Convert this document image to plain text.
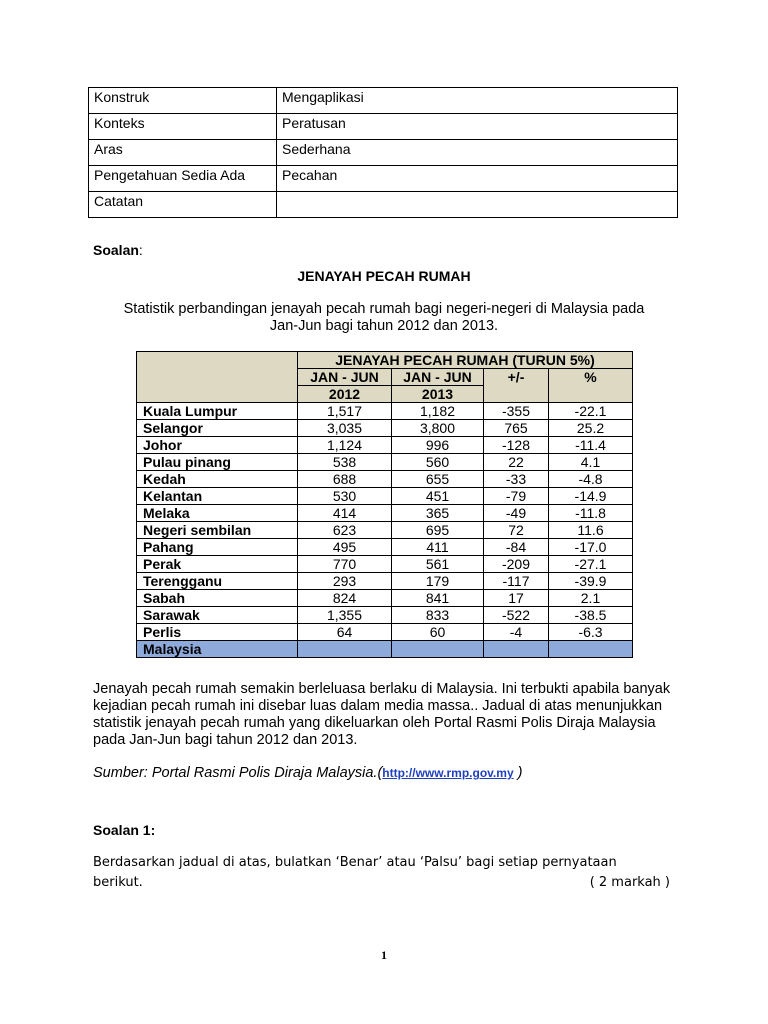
Konstruk	Mengaplikasi
Konteks	Peratusan
Aras	Sederhana
Pengetahuan Sedia Ada	Pecahan
Catatan	
Soalan:
JENAYAH PECAH RUMAH
Statistik perbandingan jenayah pecah rumah bagi negeri-negeri di Malaysia pada
Jan-Jun bagi tahun 2012 dan 2013.
	JENAYAH PECAH RUMAH (TURUN 5%)			
	JAN - JUN	JAN - JUN	+/-	%
	2012	2013		
Kuala Lumpur	1,517	1,182	-355	-22.1
Selangor	3,035	3,800	765	25.2
Johor	1,124	996	-128	-11.4
Pulau pinang	538	560	22	4.1
Kedah	688	655	-33	-4.8
Kelantan	530	451	-79	-14.9
Melaka	414	365	-49	-11.8
Negeri sembilan	623	695	72	11.6
Pahang	495	411	-84	-17.0
Perak	770	561	-209	-27.1
Terengganu	293	179	-117	-39.9
Sabah	824	841	17	2.1
Sarawak	1,355	833	-522	-38.5
Perlis	64	60	-4	-6.3
Malaysia				
Jenayah pecah rumah semakin berleluasa berlaku di Malaysia. Ini terbukti apabila banyak kejadian pecah rumah ini disebar luas dalam media massa.. Jadual di atas menunjukkan statistik jenayah pecah rumah yang dikeluarkan oleh Portal Rasmi Polis Diraja Malaysia pada Jan-Jun bagi tahun 2012 dan 2013.
Sumber: Portal Rasmi Polis Diraja Malaysia.(http://www.rmp.gov.my )
Soalan 1:
Berdasarkan jadual di atas, bulatkan ‘Benar’ atau ‘Palsu’ bagi setiap pernyataan
berikut.	( 2 markah )
1
